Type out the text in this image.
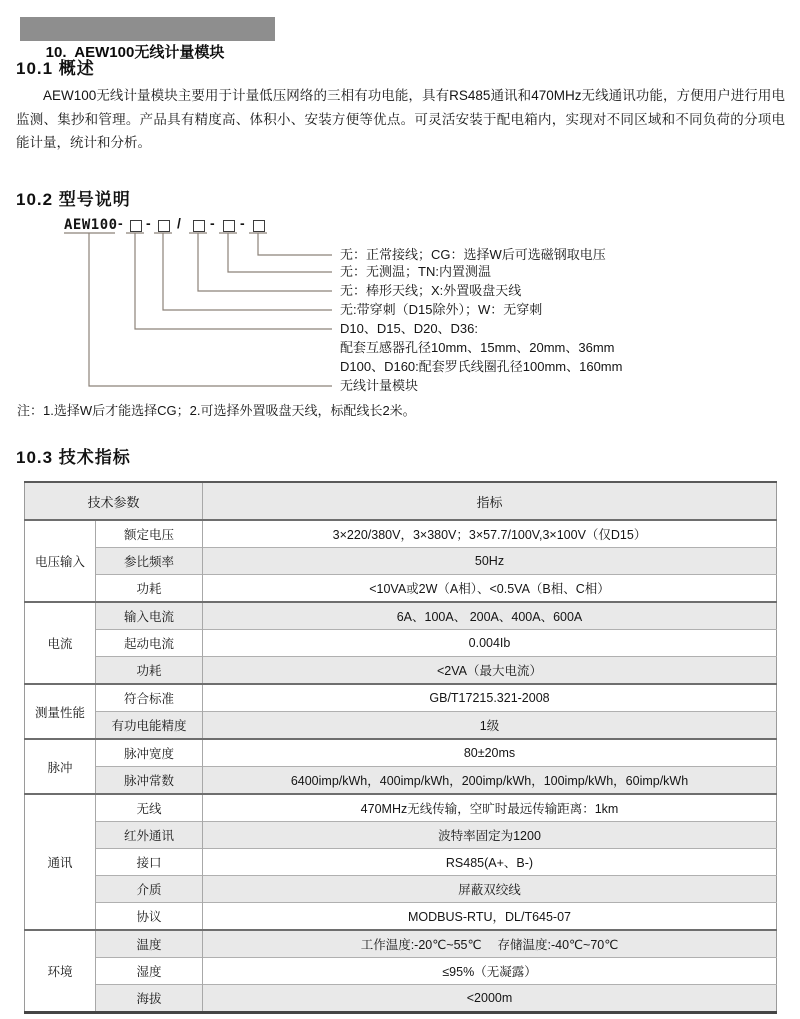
10.  AEW100无线计量模块

10.1 概述

AEW100无线计量模块主要用于计量低压网络的三相有功电能，具有RS485通讯和470MHz无线通讯功能，方便用户进行用电监测、集抄和管理。产品具有精度高、体积小、安装方便等优点。可灵活安装于配电箱内，实现对不同区域和不同负荷的分项电能计量，统计和分析。

10.2 型号说明
AEW100 - - / - -
无：正常接线；CG：选择W后可选磁钢取电压
无：无测温；TN:内置测温
无：棒形天线；X:外置吸盘天线
无:带穿刺（D15除外）；W：无穿刺
D10、D15、D20、D36:
配套互感器孔径10mm、15mm、20mm、36mm
D100、D160:配套罗氏线圈孔径100mm、160mm
无线计量模块

注：1.选择W后才能选择CG；2.可选择外置吸盘天线，标配线长2米。

10.3 技术指标
技术参数		指标
电压输入	额定电压	3×220/380V，3×380V；3×57.7/100V,3×100V（仅D15）
	参比频率	50Hz
	功耗	<10VA或2W（A相）、<0.5VA（B相、C相）
电流	输入电流	6A、100A、 200A、400A、600A
	起动电流	0.004Ib
	功耗	<2VA（最大电流）
测量性能	符合标准	GB/T17215.321-2008
	有功电能精度	1级
脉冲	脉冲宽度	80±20ms
	脉冲常数	6400imp/kWh，400imp/kWh，200imp/kWh，100imp/kWh，60imp/kWh
通讯	无线	470MHz无线传输，空旷时最远传输距离：1km
	红外通讯	波特率固定为1200
	接口	RS485(A+、B-)
	介质	屏蔽双绞线
	协议	MODBUS-RTU，DL/T645-07
环境	温度	工作温度:-20℃~55℃　 存储温度:-40℃~70℃
	湿度	≤95%（无凝露）
	海拔	<2000m
